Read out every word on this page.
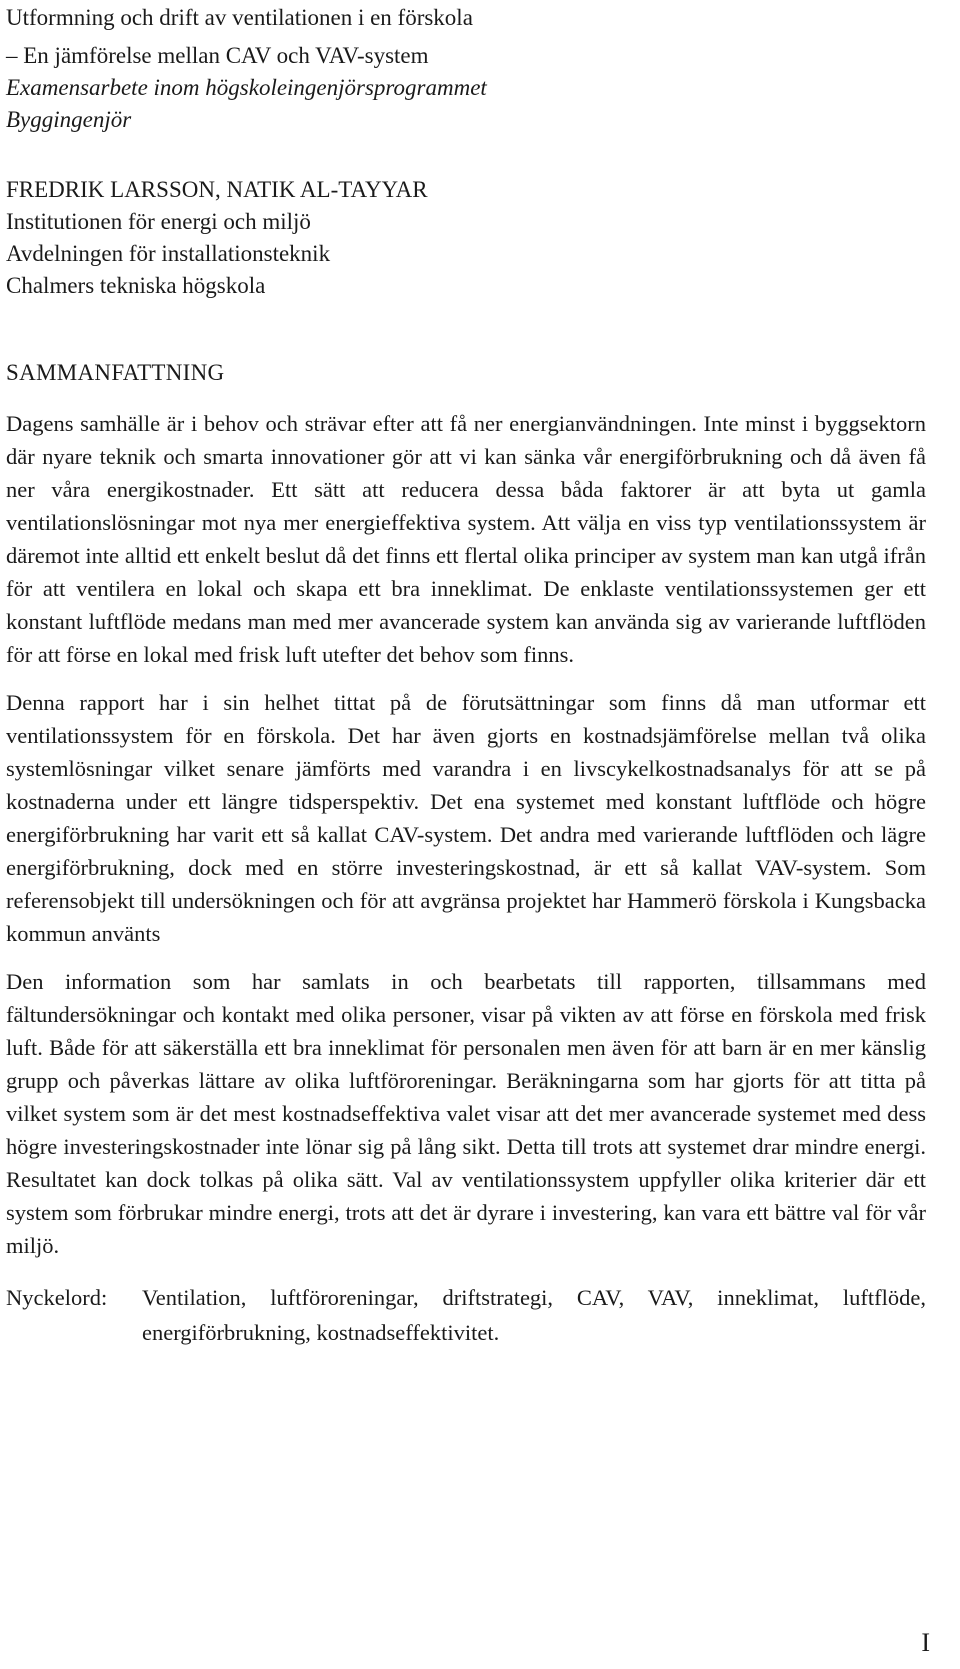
Utformning och drift av ventilationen i en förskola
– En jämförelse mellan CAV och VAV-system
Examensarbete inom högskoleingenjörsprogrammet
Byggingenjör
FREDRIK LARSSON, NATIK AL-TAYYAR
Institutionen för energi och miljö
Avdelningen för installationsteknik
Chalmers tekniska högskola
SAMMANFATTNING

Dagens samhälle är i behov och strävar efter att få ner energianvändningen. Inte minst i byggsektorn där nyare teknik och smarta innovationer gör att vi kan sänka vår energiförbrukning och då även få ner våra energikostnader. Ett sätt att reducera dessa båda faktorer är att byta ut gamla ventilationslösningar mot nya mer energieffektiva system. Att välja en viss typ ventilationssystem är däremot inte alltid ett enkelt beslut då det finns ett flertal olika principer av system man kan utgå ifrån för att ventilera en lokal och skapa ett bra inneklimat. De enklaste ventilationssystemen ger ett konstant luftflöde medans man med mer avancerade system kan använda sig av varierande luftflöden för att förse en lokal med frisk luft utefter det behov som finns.

Denna rapport har i sin helhet tittat på de förutsättningar som finns då man utformar ett ventilationssystem för en förskola. Det har även gjorts en kostnadsjämförelse mellan två olika systemlösningar vilket senare jämförts med varandra i en livscykelkostnadsanalys för att se på kostnaderna under ett längre tidsperspektiv. Det ena systemet med konstant luftflöde och högre energiförbrukning har varit ett så kallat CAV-system. Det andra med varierande luftflöden och lägre energiförbrukning, dock med en större investeringskostnad, är ett så kallat VAV-system. Som referensobjekt till undersökningen och för att avgränsa projektet har Hammerö förskola i Kungsbacka kommun använts

Den information som har samlats in och bearbetats till rapporten, tillsammans med fältundersökningar och kontakt med olika personer, visar på vikten av att förse en förskola med frisk luft. Både för att säkerställa ett bra inneklimat för personalen men även för att barn är en mer känslig grupp och påverkas lättare av olika luftföroreningar. Beräkningarna som har gjorts för att titta på vilket system som är det mest kostnadseffektiva valet visar att det mer avancerade systemet med dess högre investeringskostnader inte lönar sig på lång sikt. Detta till trots att systemet drar mindre energi. Resultatet kan dock tolkas på olika sätt. Val av ventilationssystem uppfyller olika kriterier där ett system som förbrukar mindre energi, trots att det är dyrare i investering, kan vara ett bättre val för vår miljö.

Nyckelord:	Ventilation, luftföroreningar, driftstrategi, CAV, VAV, inneklimat, luftflöde, energiförbrukning, kostnadseffektivitet.
I
